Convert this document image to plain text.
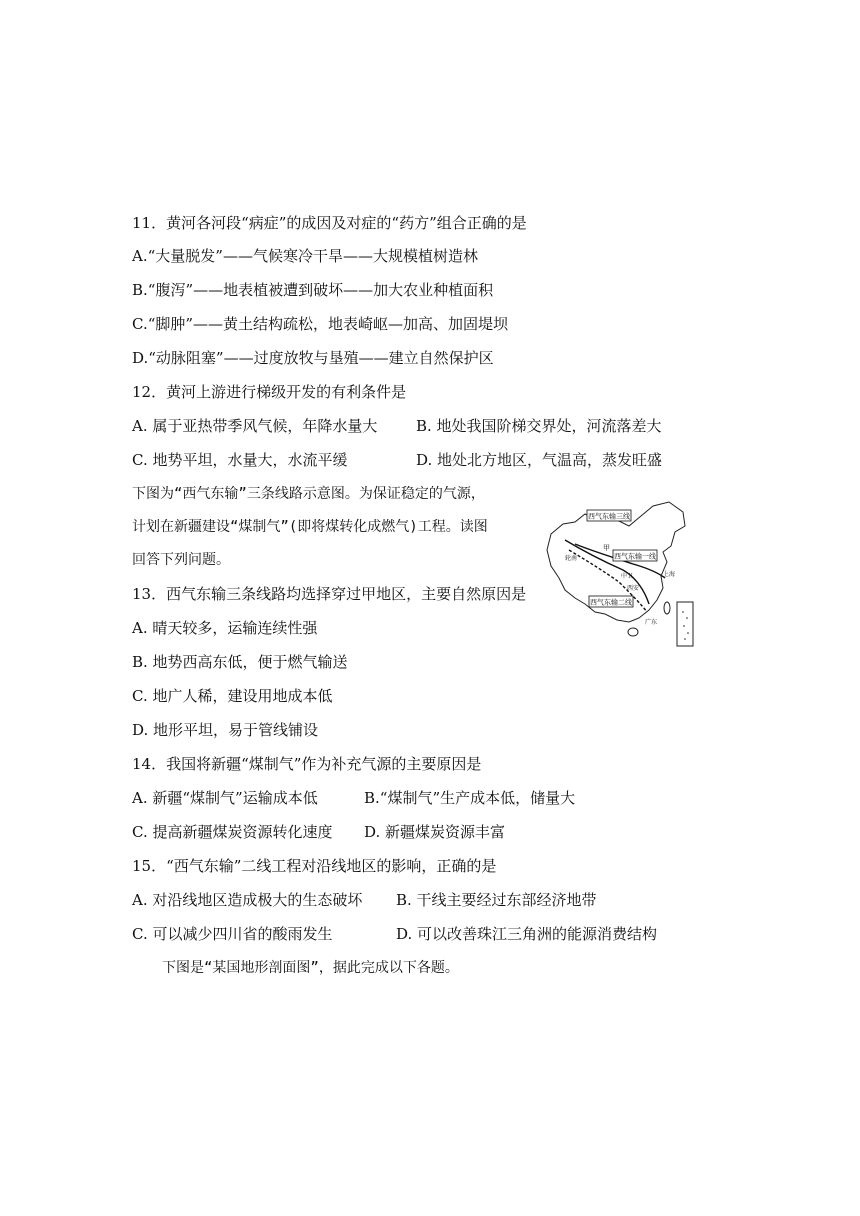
11．黄河各河段“病症”的成因及对症的“药方”组合正确的是
A.“大量脱发”——气候寒冷干旱——大规模植树造林
B.“腹泻”——地表植被遭到破坏——加大农业种植面积
C.“脚肿”——黄土结构疏松，地表崎岖—加高、加固堤坝
D.“动脉阻塞”——过度放牧与垦殖——建立自然保护区
12．黄河上游进行梯级开发的有利条件是
A. 属于亚热带季风气候，年降水量大	B. 地处我国阶梯交界处，河流落差大
C. 地势平坦，水量大，水流平缓	D. 地处北方地区，气温高，蒸发旺盛
下图为“西气东输”三条线路示意图。为保证稳定的气源，
计划在新疆建设“煤制气”(即将煤转化成燃气)工程。读图
回答下列问题。
西气东输三线
西气东输一线
西气东输二线
甲
上海
广东
中卫
西安
轮南
13．西气东输三条线路均选择穿过甲地区，主要自然原因是
A. 晴天较多，运输连续性强
B. 地势西高东低，便于燃气输送
C. 地广人稀，建设用地成本低
D. 地形平坦，易于管线铺设
14．我国将新疆“煤制气”作为补充气源的主要原因是
A. 新疆“煤制气”运输成本低	B.“煤制气”生产成本低，储量大
C. 提高新疆煤炭资源转化速度 D. 新疆煤炭资源丰富
15．“西气东输”二线工程对沿线地区的影响，正确的是
A. 对沿线地区造成极大的生态破坏 B. 干线主要经过东部经济地带
C. 可以减少四川省的酸雨发生	D. 可以改善珠江三角洲的能源消费结构
下图是“某国地形剖面图”，据此完成以下各题。
